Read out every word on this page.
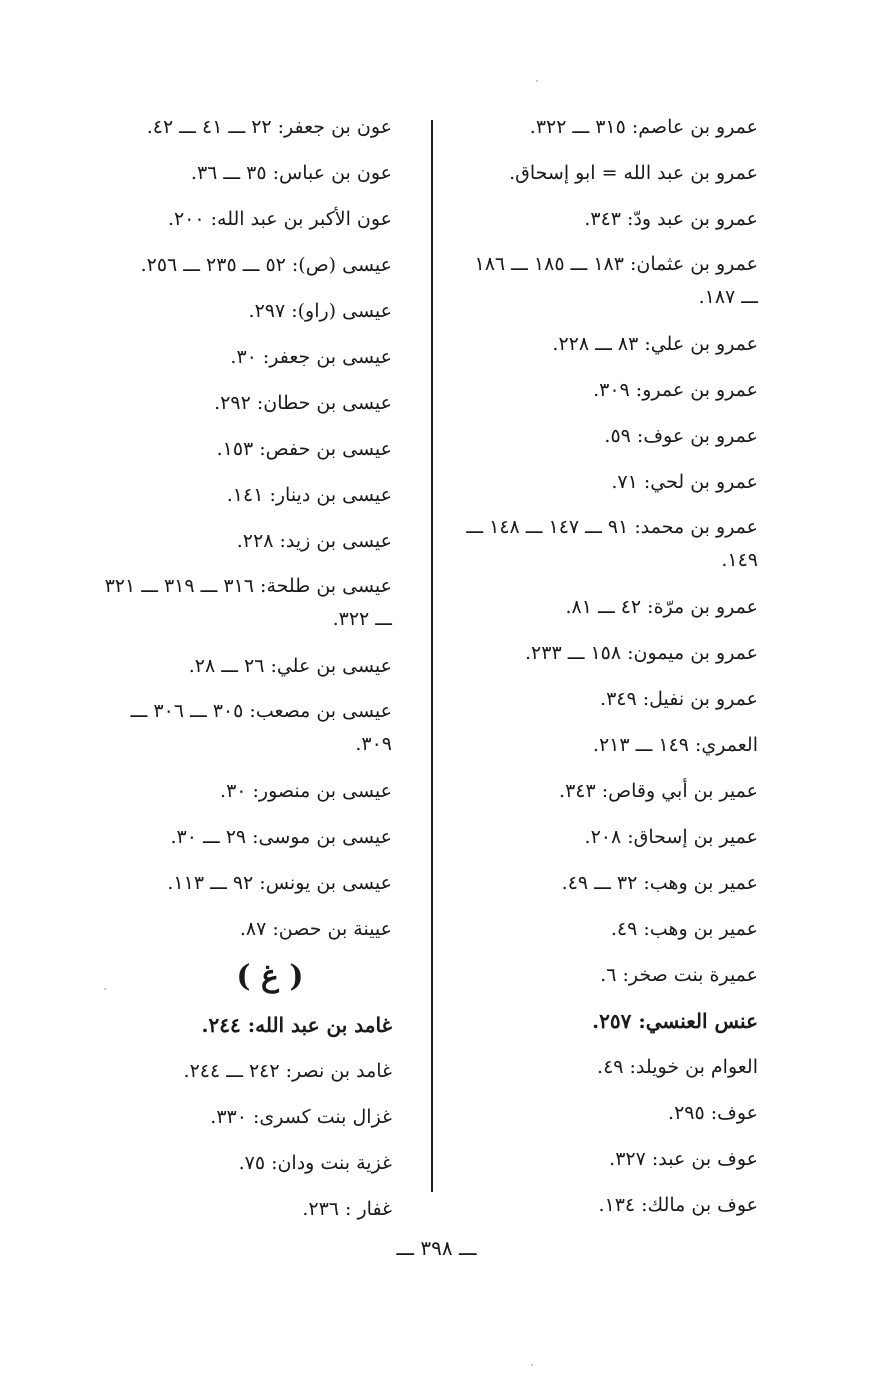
عمرو بن عاصم: ٣١٥ ـــ ٣٢٢.

عمرو بن عبد الله = ابو إسحاق.

عمرو بن عبد ودّ: ٣٤٣.

عمرو بن عثمان: ١٨٣ ـــ ١٨٥ ـــ ١٨٦ ـــ ١٨٧.

عمرو بن علي: ٨٣ ـــ ٢٢٨.

عمرو بن عمرو: ٣٠٩.

عمرو بن عوف: ٥٩.

عمرو بن لحي: ٧١.

عمرو بن محمد: ٩١ ـــ ١٤٧ ـــ ١٤٨ ـــ ١٤٩.

عمرو بن مرّة: ٤٢ ـــ ٨١.

عمرو بن ميمون: ١٥٨ ـــ ٢٣٣.

عمرو بن نفيل: ٣٤٩.

العمري: ١٤٩ ـــ ٢١٣.

عمير بن أبي وقاص: ٣٤٣.

عمير بن إسحاق: ٢٠٨.

عمير بن وهب: ٣٢ ـــ ٤٩.

عمير بن وهب: ٤٩.

عميرة بنت صخر: ٦.

عنس العنسي: ٢٥٧.

العوام بن خويلد: ٤٩.

عوف: ٢٩٥.

عوف بن عبد: ٣٢٧.

عوف بن مالك: ١٣٤.

عون بن جعفر: ٢٢ ـــ ٤١ ـــ ٤٢.

عون بن عباس: ٣٥ ـــ ٣٦.

عون الأكبر بن عبد الله: ٢٠٠.

عيسى (ص): ٥٢ ـــ ٢٣٥ ـــ ٢٥٦.

عيسى (راو): ٢٩٧.

عيسى بن جعفر: ٣٠.

عيسى بن حطان: ٢٩٢.

عيسى بن حفص: ١٥٣.

عيسى بن دينار: ١٤١.

عيسى بن زيد: ٢٢٨.

عيسى بن طلحة: ٣١٦ ـــ ٣١٩ ـــ ٣٢١ ـــ ٣٢٢.

عيسى بن علي: ٢٦ ـــ ٢٨.

عيسى بن مصعب: ٣٠٥ ـــ ٣٠٦ ـــ ٣٠٩.

عيسى بن منصور: ٣٠.

عيسى بن موسى: ٢٩ ـــ ٣٠.

عيسى بن يونس: ٩٢ ـــ ١١٣.

عيينة بن حصن: ٨٧.

( غ )

غامد بن عبد الله: ٢٤٤.

غامد بن نصر: ٢٤٢ ـــ ٢٤٤.

غزال بنت كسرى: ٣٣٠.

غزية بنت ودان: ٧٥.

غفار : ٢٣٦.

ـــ ٣٩٨ ـــ
